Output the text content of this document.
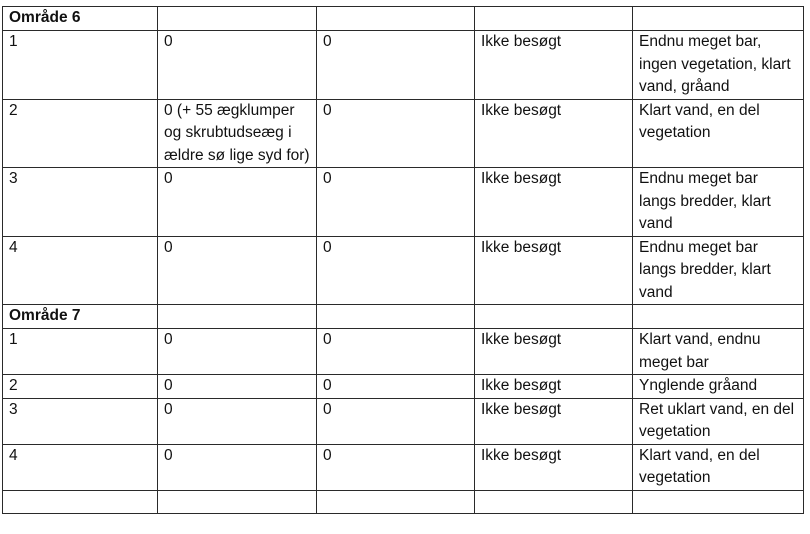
Område 6				
1	0	0	Ikke besøgt	Endnu meget bar, ingen vegetation, klart vand, gråand
2	0 (+ 55 ægklumper og skrubtudseæg i ældre sø lige syd for)	0	Ikke besøgt	Klart vand, en del vegetation
3	0	0	Ikke besøgt	Endnu meget bar langs bredder, klart vand
4	0	0	Ikke besøgt	Endnu meget bar langs bredder, klart vand
Område 7				
1	0	0	Ikke besøgt	Klart vand, endnu meget bar
2	0	0	Ikke besøgt	Ynglende gråand
3	0	0	Ikke besøgt	Ret uklart vand, en del vegetation
4	0	0	Ikke besøgt	Klart vand, en del vegetation
